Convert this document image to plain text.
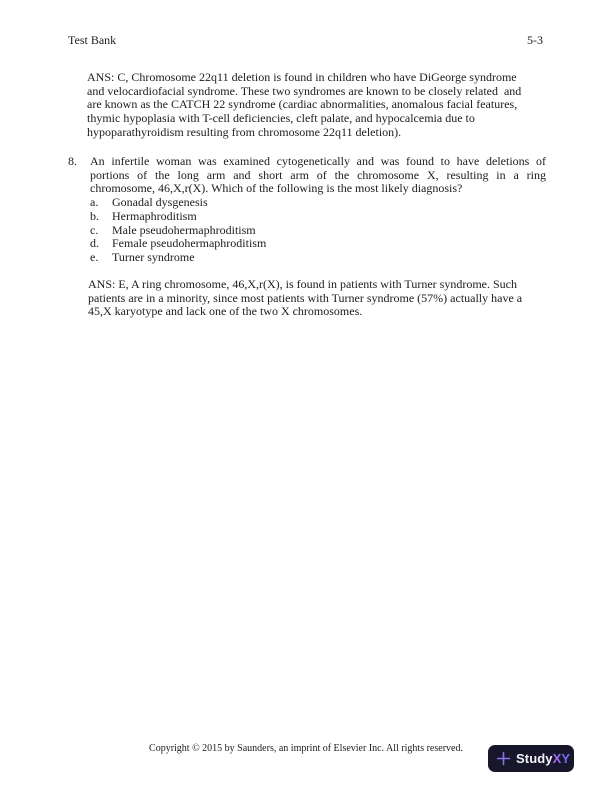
Test Bank	5-3
ANS: C, Chromosome 22q11 deletion is found in children who have DiGeorge syndrome
and velocardiofacial syndrome. These two syndromes are known to be closely related  and
are known as the CATCH 22 syndrome (cardiac abnormalities, anomalous facial features,
thymic hypoplasia with T-cell deficiencies, cleft palate, and hypocalcemia due to
hypoparathyroidism resulting from chromosome 22q11 deletion).
8.	An infertile woman was examined cytogenetically and was found to have deletions of
portions of the long arm and short arm of the chromosome X, resulting in a ring
chromosome, 46,X,r(X). Which of the following is the most likely diagnosis?
a.	Gonadal dysgenesis
b.	Hermaphroditism
c.	Male pseudohermaphroditism
d.	Female pseudohermaphroditism
e.	Turner syndrome
ANS: E, A ring chromosome, 46,X,r(X), is found in patients with Turner syndrome. Such
patients are in a minority, since most patients with Turner syndrome (57%) actually have a
45,X karyotype and lack one of the two X chromosomes.
Copyright © 2015 by Saunders, an imprint of Elsevier Inc. All rights reserved.
StudyXY
